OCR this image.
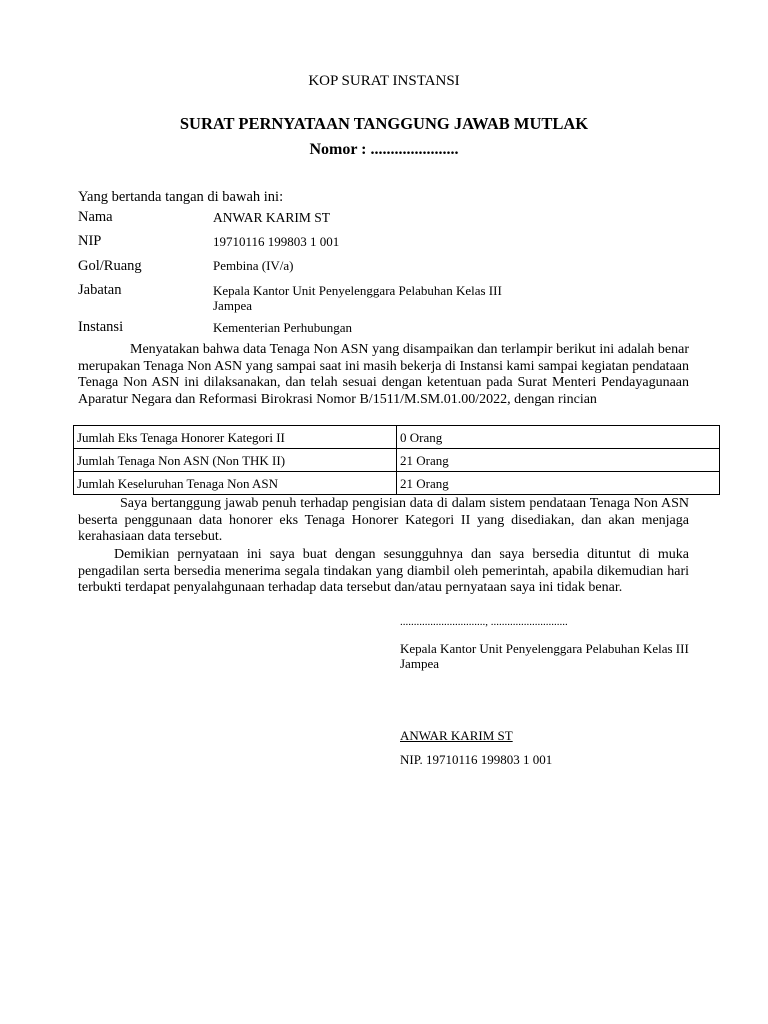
KOP SURAT INSTANSI
SURAT PERNYATAAN TANGGUNG JAWAB MUTLAK
Nomor : ......................
Yang bertanda tangan di bawah ini:
Nama	ANWAR KARIM ST
NIP	19710116 199803 1 001
Gol/Ruang	Pembina (IV/a)
Jabatan	Kepala Kantor Unit Penyelenggara Pelabuhan Kelas III Jampea
Instansi	Kementerian Perhubungan
Menyatakan bahwa data Tenaga Non ASN yang disampaikan dan terlampir berikut ini adalah benar merupakan Tenaga Non ASN yang sampai saat ini masih bekerja di Instansi kami sampai kegiatan pendataan Tenaga Non ASN ini dilaksanakan, dan telah sesuai dengan ketentuan pada Surat Menteri Pendayagunaan Aparatur Negara dan Reformasi Birokrasi Nomor B/1511/M.SM.01.00/2022, dengan rincian
Jumlah Eks Tenaga Honorer Kategori II	0 Orang
Jumlah Tenaga Non ASN (Non THK II)	21 Orang
Jumlah Keseluruhan Tenaga Non ASN	21 Orang
Saya bertanggung jawab penuh terhadap pengisian data di dalam sistem pendataan Tenaga Non ASN beserta penggunaan data honorer eks Tenaga Honorer Kategori II yang disediakan, dan akan menjaga kerahasiaan data tersebut.
Demikian pernyataan ini saya buat dengan sesungguhnya dan saya bersedia dituntut di muka pengadilan serta bersedia menerima segala tindakan yang diambil oleh pemerintah, apabila dikemudian hari terbukti terdapat penyalahgunaan terhadap data tersebut dan/atau pernyataan saya ini tidak benar.
..............................., ............................
Kepala Kantor Unit Penyelenggara Pelabuhan Kelas III Jampea
ANWAR KARIM ST
NIP. 19710116 199803 1 001
